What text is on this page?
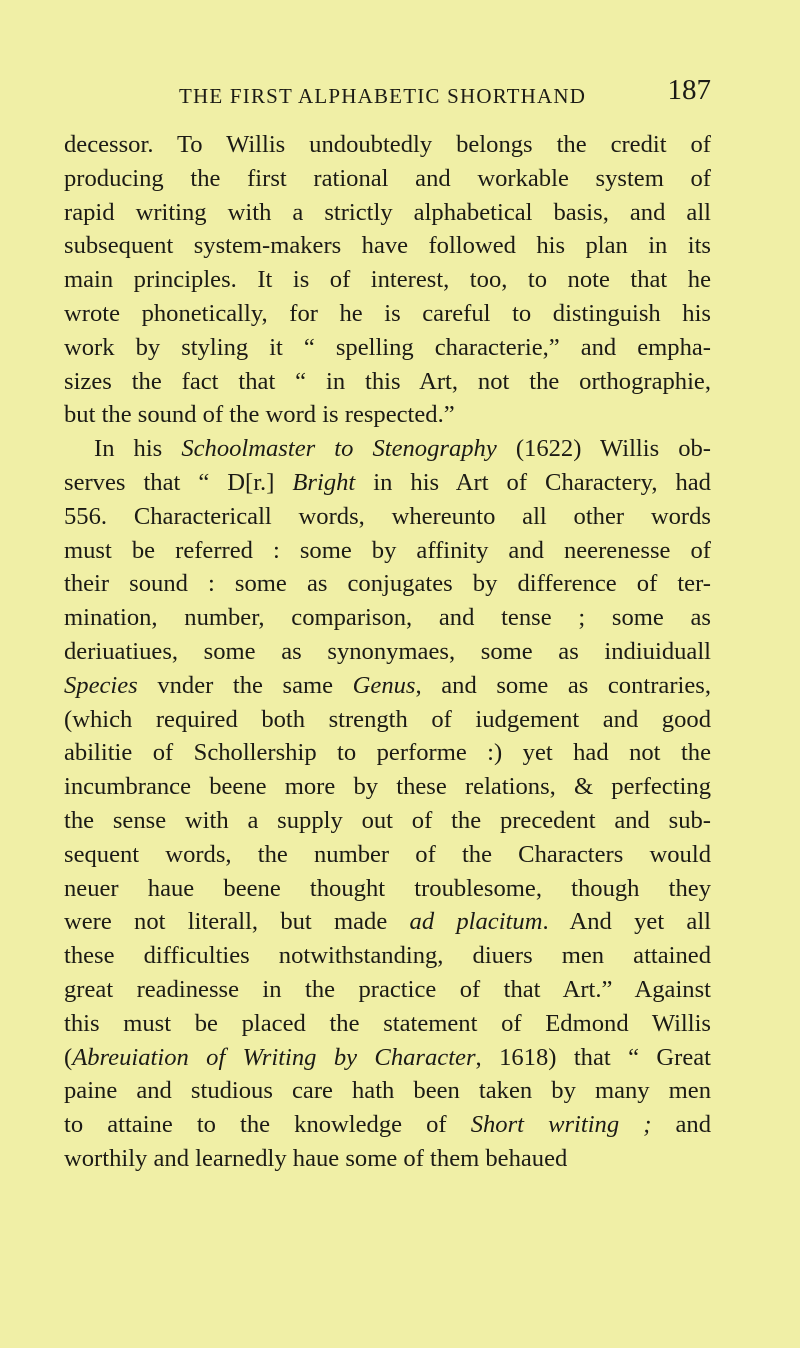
THE FIRST ALPHABETIC SHORTHAND	187
decessor. To Willis undoubtedly belongs the credit of
producing the first rational and workable system of
rapid writing with a strictly alphabetical basis, and all
subsequent system-makers have followed his plan in its
main principles. It is of interest, too, to note that he
wrote phonetically, for he is careful to distinguish his
work by styling it “ spelling characterie,” and empha-
sizes the fact that “ in this Art, not the orthographie,
but the sound of the word is respected.”
In his Schoolmaster to Stenography (1622) Willis ob-
serves that “ D[r.] Bright in his Art of Charactery, had
556. Charactericall words, whereunto all other words
must be referred : some by affinity and neerenesse of
their sound : some as conjugates by difference of ter-
mination, number, comparison, and tense ; some as
deriuatiues, some as synonymaes, some as indiuiduall
Species vnder the same Genus, and some as contraries,
(which required both strength of iudgement and good
abilitie of Schollership to performe :) yet had not the
incumbrance beene more by these relations, & perfecting
the sense with a supply out of the precedent and sub-
sequent words, the number of the Characters would
neuer haue beene thought troublesome, though they
were not literall, but made ad placitum. And yet all
these difficulties notwithstanding, diuers men attained
great readinesse in the practice of that Art.” Against
this must be placed the statement of Edmond Willis
(Abreuiation of Writing by Character, 1618) that “ Great
paine and studious care hath been taken by many men
to attaine to the knowledge of Short writing ; and
worthily and learnedly haue some of them behaued
